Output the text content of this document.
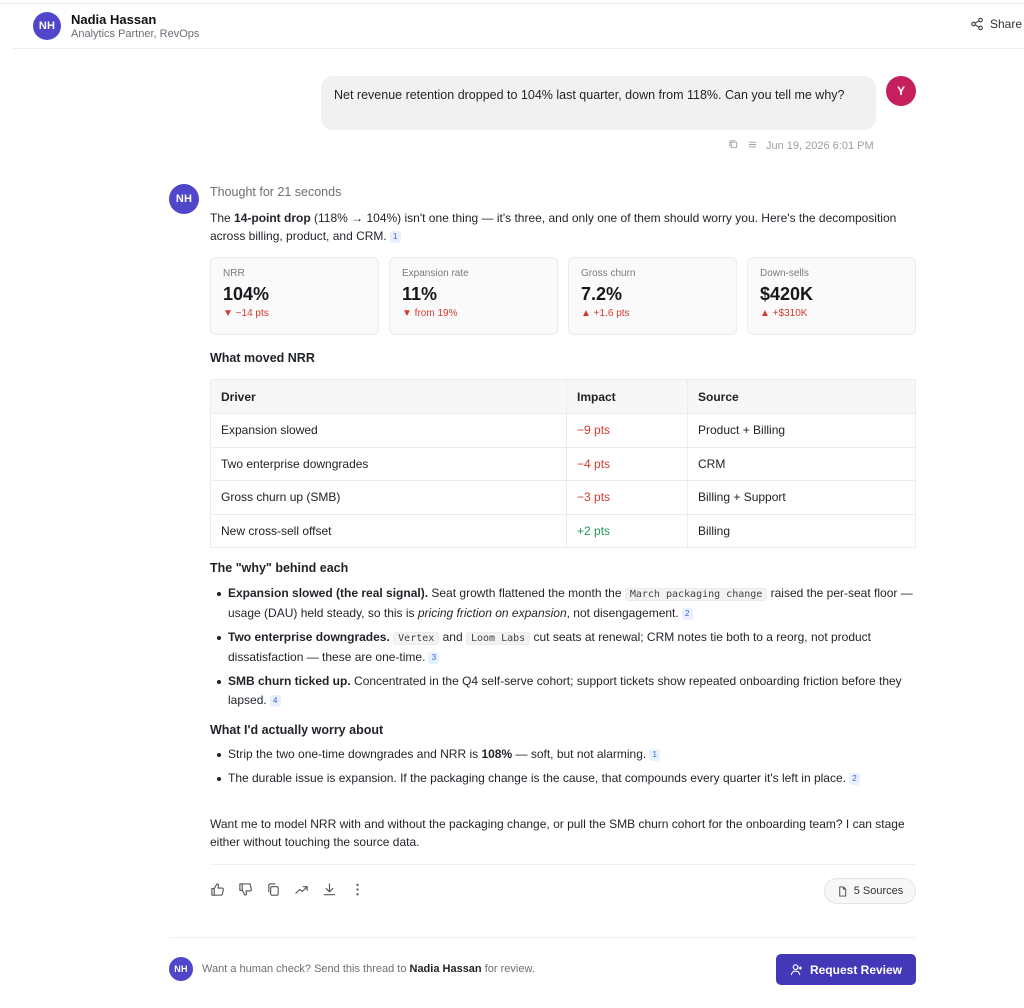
NH	Nadia Hassan
Analytics Partner, RevOps
Share
Net revenue retention dropped to 104% last quarter, down from 118%. Can you tell me why?	Y
Jun 19, 2026 6:01 PM
NH	Thought for 21 seconds
The 14-point drop (118% → 104%) isn't one thing — it's three, and only one of them should worry you. Here's the decomposition across billing, product, and CRM. 1
NRR
104%
▼ −14 pts
Expansion rate
11%
▼ from 19%
Gross churn
7.2%
▲ +1.6 pts
Down-sells
$420K
▲ +$310K
What moved NRR
Driver	Impact	Source
Expansion slowed	−9 pts	Product + Billing
Two enterprise downgrades	−4 pts	CRM
Gross churn up (SMB)	−3 pts	Billing + Support
New cross-sell offset	+2 pts	Billing
The "why" behind each
Expansion slowed (the real signal). Seat growth flattened the month the March packaging change raised the per-seat floor — usage (DAU) held steady, so this is pricing friction on expansion, not disengagement. 2
Two enterprise downgrades. Vertex and Loom Labs cut seats at renewal; CRM notes tie both to a reorg, not product dissatisfaction — these are one-time. 3
SMB churn ticked up. Concentrated in the Q4 self-serve cohort; support tickets show repeated onboarding friction before they lapsed. 4
What I'd actually worry about
Strip the two one-time downgrades and NRR is 108% — soft, but not alarming. 1
The durable issue is expansion. If the packaging change is the cause, that compounds every quarter it's left in place. 2
Want me to model NRR with and without the packaging change, or pull the SMB churn cohort for the onboarding team? I can stage either without touching the source data.
5 Sources
NH	Want a human check? Send this thread to Nadia Hassan for review.	Request Review
